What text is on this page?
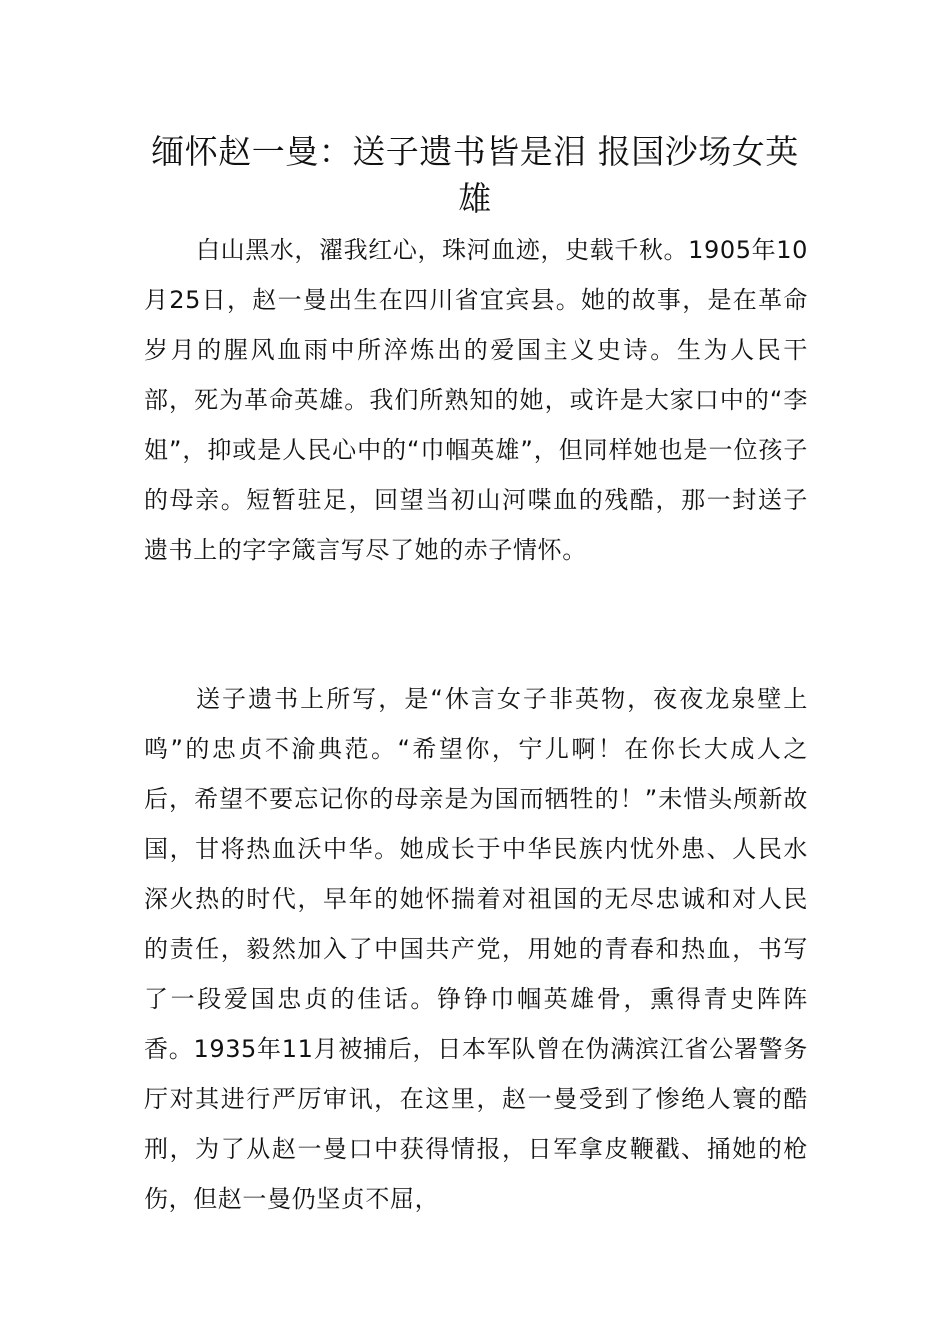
缅怀赵一曼：送子遗书皆是泪 报国沙场女英雄

白山黑水，濯我红心，珠河血迹，史载千秋。1905年10月25日，赵一曼出生在四川省宜宾县。她的故事，是在革命岁月的腥风血雨中所淬炼出的爱国主义史诗。生为人民干部，死为革命英雄。我们所熟知的她，或许是大家口中的“李姐”，抑或是人民心中的“巾帼英雄”，但同样她也是一位孩子的母亲。短暂驻足，回望当初山河喋血的残酷，那一封送子遗书上的字字箴言写尽了她的赤子情怀。

送子遗书上所写，是“休言女子非英物，夜夜龙泉壁上鸣”的忠贞不渝典范。“希望你，宁儿啊！在你长大成人之后，希望不要忘记你的母亲是为国而牺牲的！”未惜头颅新故国，甘将热血沃中华。她成长于中华民族内忧外患、人民水深火热的时代，早年的她怀揣着对祖国的无尽忠诚和对人民的责任，毅然加入了中国共产党，用她的青春和热血，书写了一段爱国忠贞的佳话。铮铮巾帼英雄骨，熏得青史阵阵香。1935年11月被捕后，日本军队曾在伪满滨江省公署警务厅对其进行严厉审讯，在这里，赵一曼受到了惨绝人寰的酷刑，为了从赵一曼口中获得情报，日军拿皮鞭戳、捅她的枪伤，但赵一曼仍坚贞不屈，
